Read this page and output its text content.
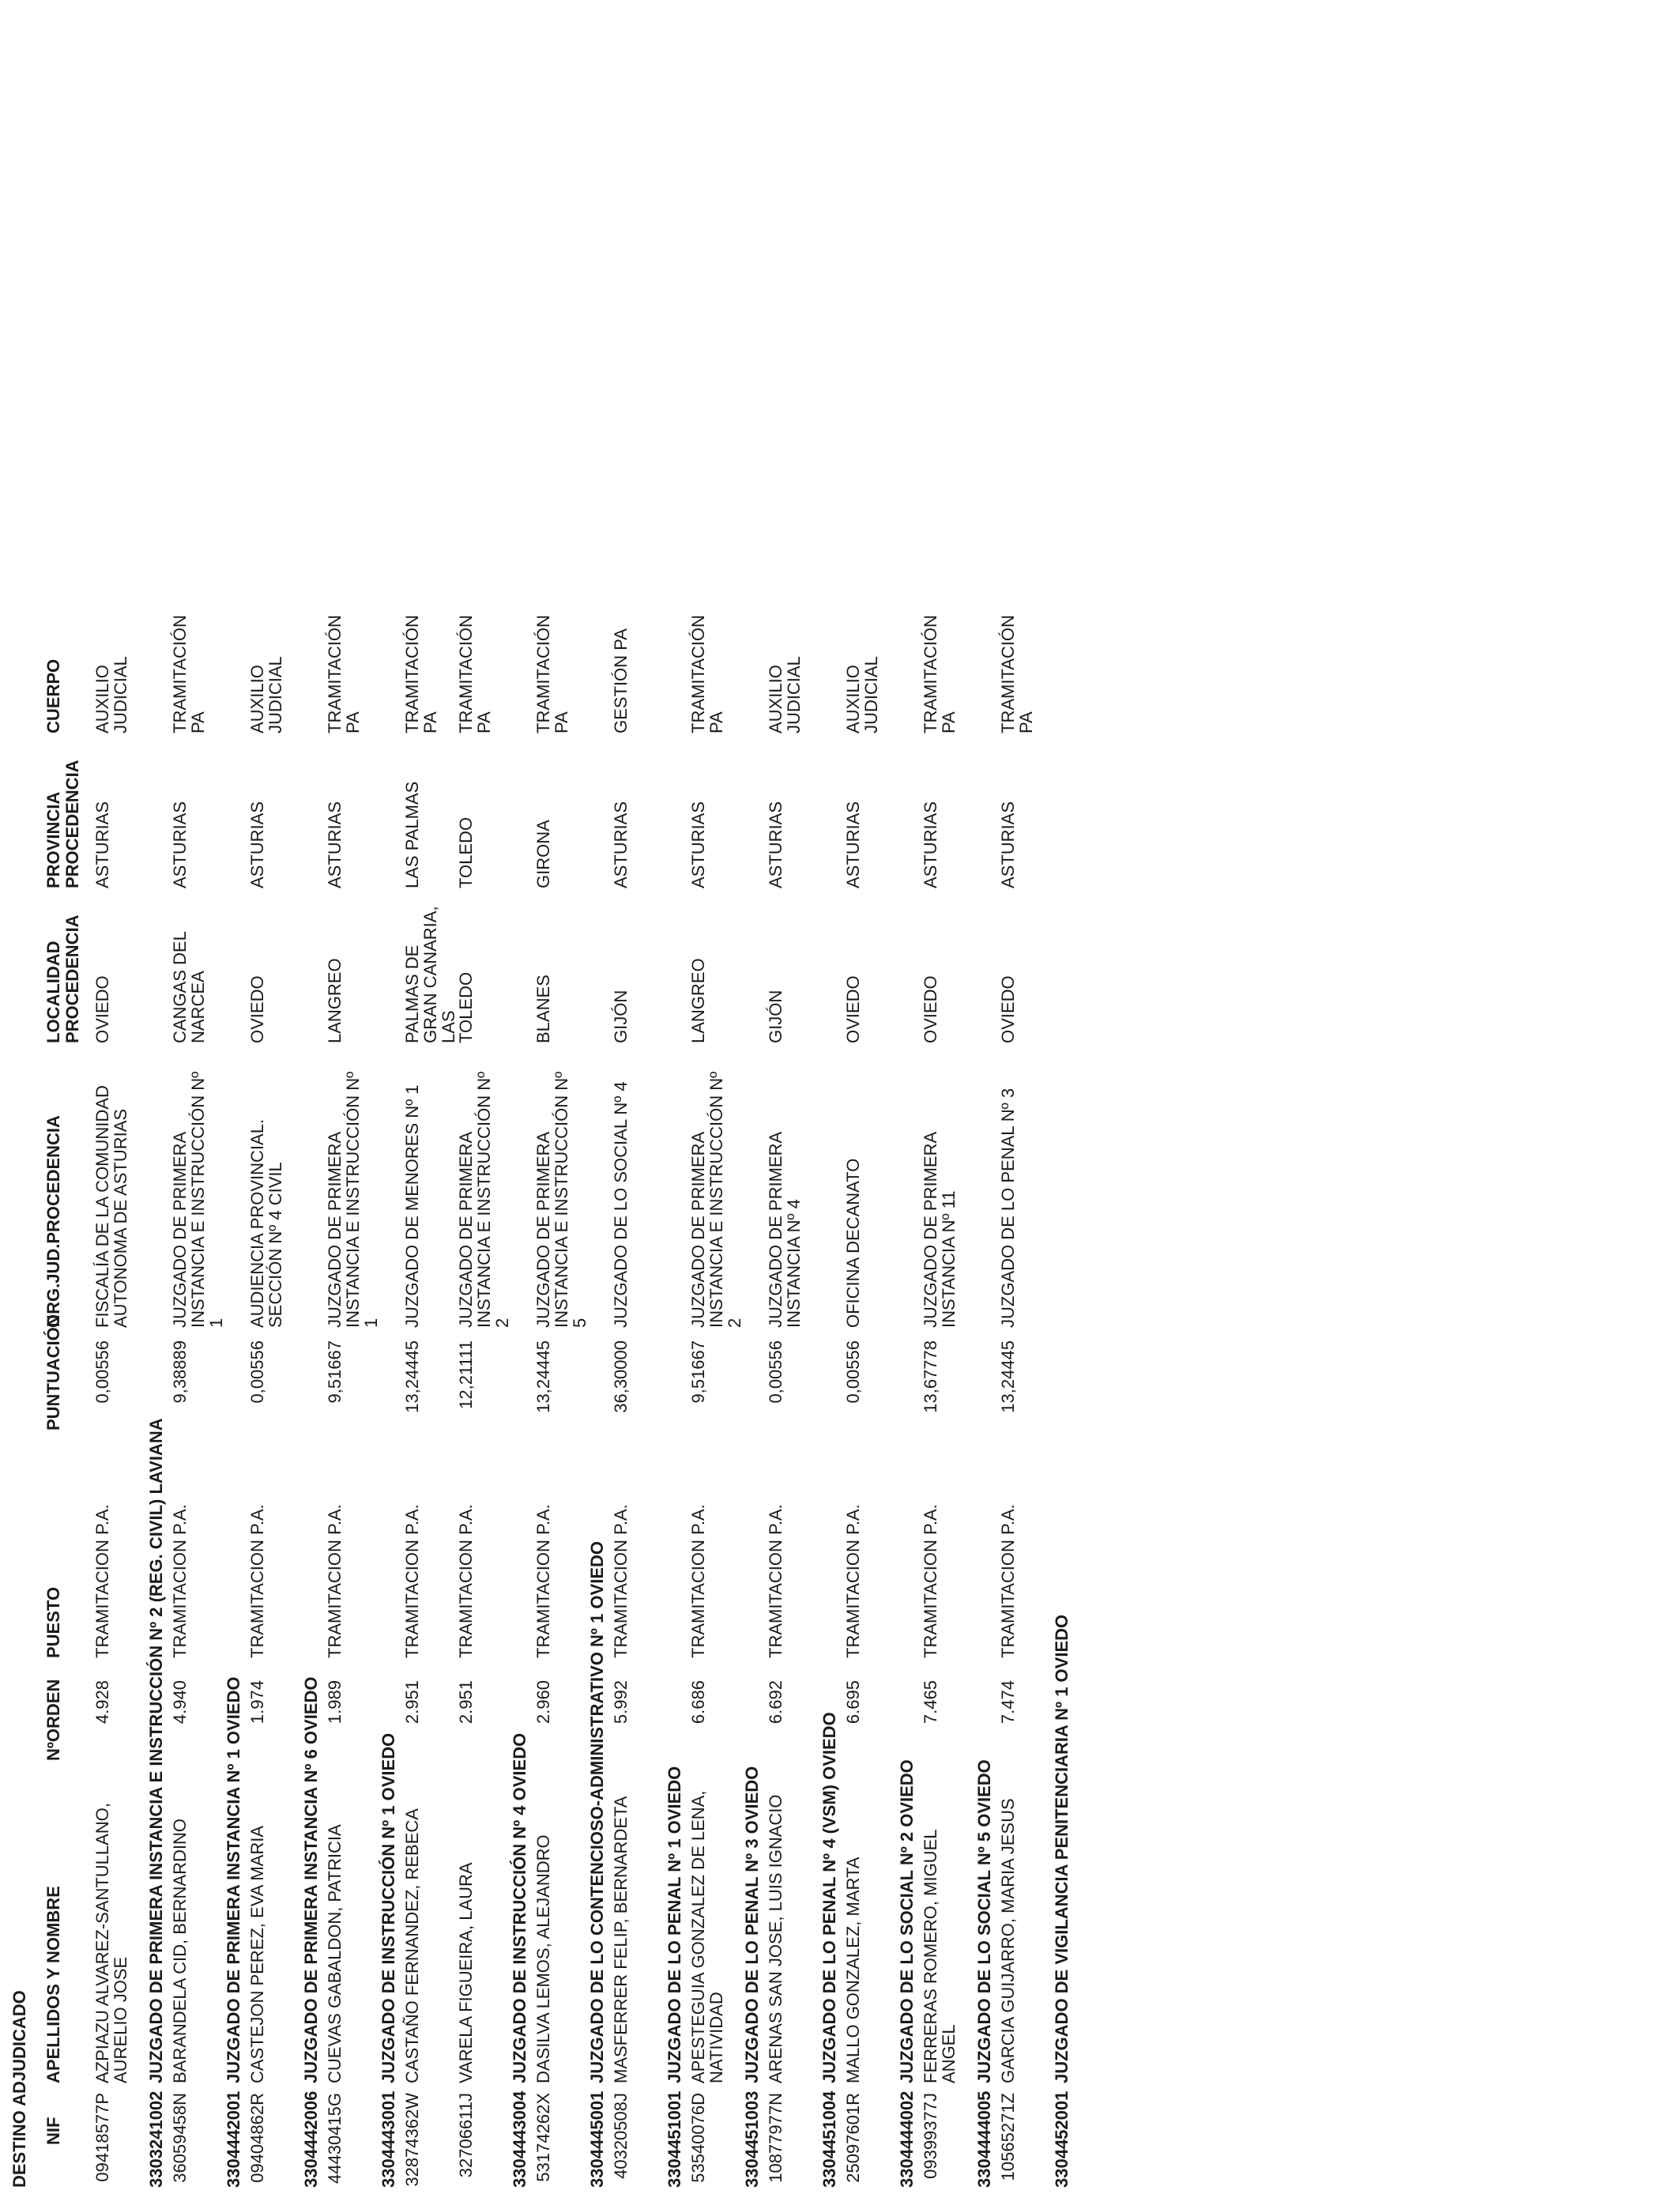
DESTINO ADJUDICADO NIF
APELLIDOS Y NOMBRE
NºORDEN
PUESTO
PUNTUACIÓN
ORG.JUD.PROCEDENCIA
LOCALIDAD PROCEDENCIA
PROVINCIA PROCEDENCIA
CUERPO
09418577P
AZPIAZU ALVAREZ-SANTULLANO, AURELIO JOSE
4.928
TRAMITACION P.A.
0,00556
FISCALÍA DE LA COMUNIDAD AUTONOMA DE ASTURIAS
OVIEDO
ASTURIAS
AUXILIO JUDICIAL
3303241002
JUZGADO DE PRIMERA INSTANCIA E INSTRUCCIÓN Nº 2 (REG. CIVIL) LAVIANA
36059458N
BARANDELA CID, BERNARDINO
4.940
TRAMITACION P.A.
9,38889
JUZGADO DE PRIMERA INSTANCIA E INSTRUCCIÓN Nº 1
CANGAS DEL NARCEA
ASTURIAS
TRAMITACIÓN PA
3304442001
JUZGADO DE PRIMERA INSTANCIA Nº 1 OVIEDO
09404862R
CASTEJON PEREZ, EVA MARIA
1.974
TRAMITACION P.A.
0,00556
AUDIENCIA PROVINCIAL. SECCIÓN Nº 4 CIVIL
OVIEDO
ASTURIAS
AUXILIO JUDICIAL
3304442006
JUZGADO DE PRIMERA INSTANCIA Nº 6 OVIEDO
44430415G
CUEVAS GABALDON, PATRICIA
1.989
TRAMITACION P.A.
9,51667
JUZGADO DE PRIMERA INSTANCIA E INSTRUCCIÓN Nº 1
LANGREO
ASTURIAS
TRAMITACIÓN PA
3304443001
JUZGADO DE INSTRUCCIÓN Nº 1 OVIEDO
32874362W
CASTAÑO FERNANDEZ, REBECA
2.951
TRAMITACION P.A.
13,24445
JUZGADO DE MENORES Nº 1
PALMAS DE GRAN CANARIA, LAS
LAS PALMAS
TRAMITACIÓN PA
32706611J
VARELA FIGUEIRA, LAURA
2.951
TRAMITACION P.A.
12,21111
JUZGADO DE PRIMERA INSTANCIA E INSTRUCCIÓN Nº 2
TOLEDO
TOLEDO
TRAMITACIÓN PA
3304443004
JUZGADO DE INSTRUCCIÓN Nº 4 OVIEDO
53174262X
DASILVA LEMOS, ALEJANDRO
2.960
TRAMITACION P.A.
13,24445
JUZGADO DE PRIMERA INSTANCIA E INSTRUCCIÓN Nº 5
BLANES
GIRONA
TRAMITACIÓN PA
3304445001
JUZGADO DE LO CONTENCIOSO-ADMINISTRATIVO Nº 1 OVIEDO
40320508J
MASFERRER FELIP, BERNARDETA
5.992
TRAMITACION P.A.
36,30000
JUZGADO DE LO SOCIAL Nº 4
GIJÓN
ASTURIAS
GESTIÓN PA
3304451001
JUZGADO DE LO PENAL Nº 1 OVIEDO
53540076D
APESTEGUIA GONZALEZ DE LENA, NATIVIDAD
6.686
TRAMITACION P.A.
9,51667
JUZGADO DE PRIMERA INSTANCIA E INSTRUCCIÓN Nº 2
LANGREO
ASTURIAS
TRAMITACIÓN PA
3304451003
JUZGADO DE LO PENAL Nº 3 OVIEDO
10877977N
ARENAS SAN JOSE, LUIS IGNACIO
6.692
TRAMITACION P.A.
0,00556
JUZGADO DE PRIMERA INSTANCIA Nº 4
GIJÓN
ASTURIAS
AUXILIO JUDICIAL
3304451004
JUZGADO DE LO PENAL Nº 4 (VSM) OVIEDO
25097601R
MALLO GONZALEZ, MARTA
6.695
TRAMITACION P.A.
0,00556
OFICINA DECANATO
OVIEDO
ASTURIAS
AUXILIO JUDICIAL
3304444002
JUZGADO DE LO SOCIAL Nº 2 OVIEDO
09399377J
FERRERAS ROMERO, MIGUEL ANGEL
7.465
TRAMITACION P.A.
13,67778
JUZGADO DE PRIMERA INSTANCIA Nº 11
OVIEDO
ASTURIAS
TRAMITACIÓN PA
3304444005
JUZGADO DE LO SOCIAL Nº 5 OVIEDO
10565271Z
GARCIA GUIJARRO, MARIA JESUS
7.474
TRAMITACION P.A.
13,24445
JUZGADO DE LO PENAL Nº 3
OVIEDO
ASTURIAS
TRAMITACIÓN PA
3304452001
JUZGADO DE VIGILANCIA PENITENCIARIA Nº 1 OVIEDO
